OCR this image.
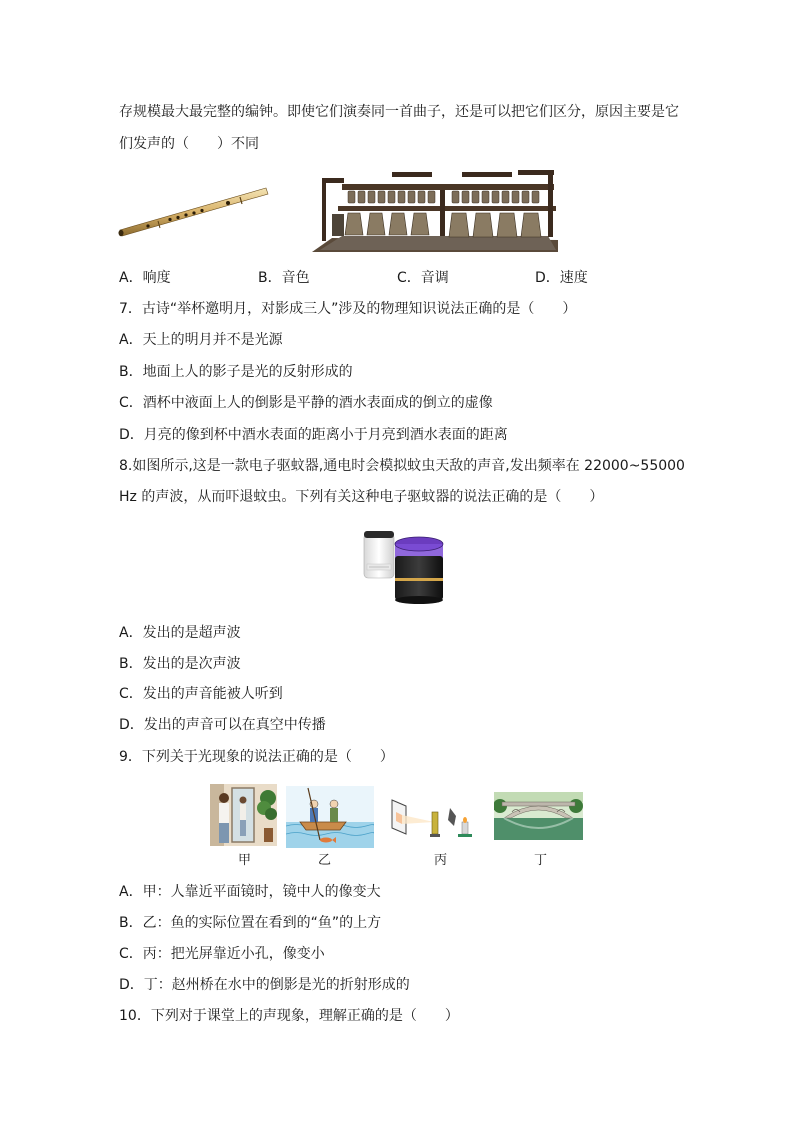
存规模最大最完整的编钟。即使它们演奏同一首曲子，还是可以把它们区分，原因主要是它
们发声的（　　）不同
A．响度	B．音色	C．音调	D．速度
7．古诗“举杯邀明月，对影成三人”涉及的物理知识说法正确的是（　　）
A．天上的明月并不是光源
B．地面上人的影子是光的反射形成的
C．酒杯中液面上人的倒影是平静的酒水表面成的倒立的虚像
D．月亮的像到杯中酒水表面的距离小于月亮到酒水表面的距离
8.如图所示,这是一款电子驱蚊器,通电时会模拟蚊虫天敌的声音,发出频率在 22000~55000
Hz 的声波，从而吓退蚊虫。下列有关这种电子驱蚊器的说法正确的是（　　）
A．发出的是超声波
B．发出的是次声波
C．发出的声音能被人听到
D．发出的声音可以在真空中传播
9．下列关于光现象的说法正确的是（　　）
甲	乙	丙	丁
A．甲：人靠近平面镜时，镜中人的像变大
B．乙：鱼的实际位置在看到的“鱼”的上方
C．丙：把光屏靠近小孔，像变小
D．丁：赵州桥在水中的倒影是光的折射形成的
10．下列对于课堂上的声现象，理解正确的是（　　）
